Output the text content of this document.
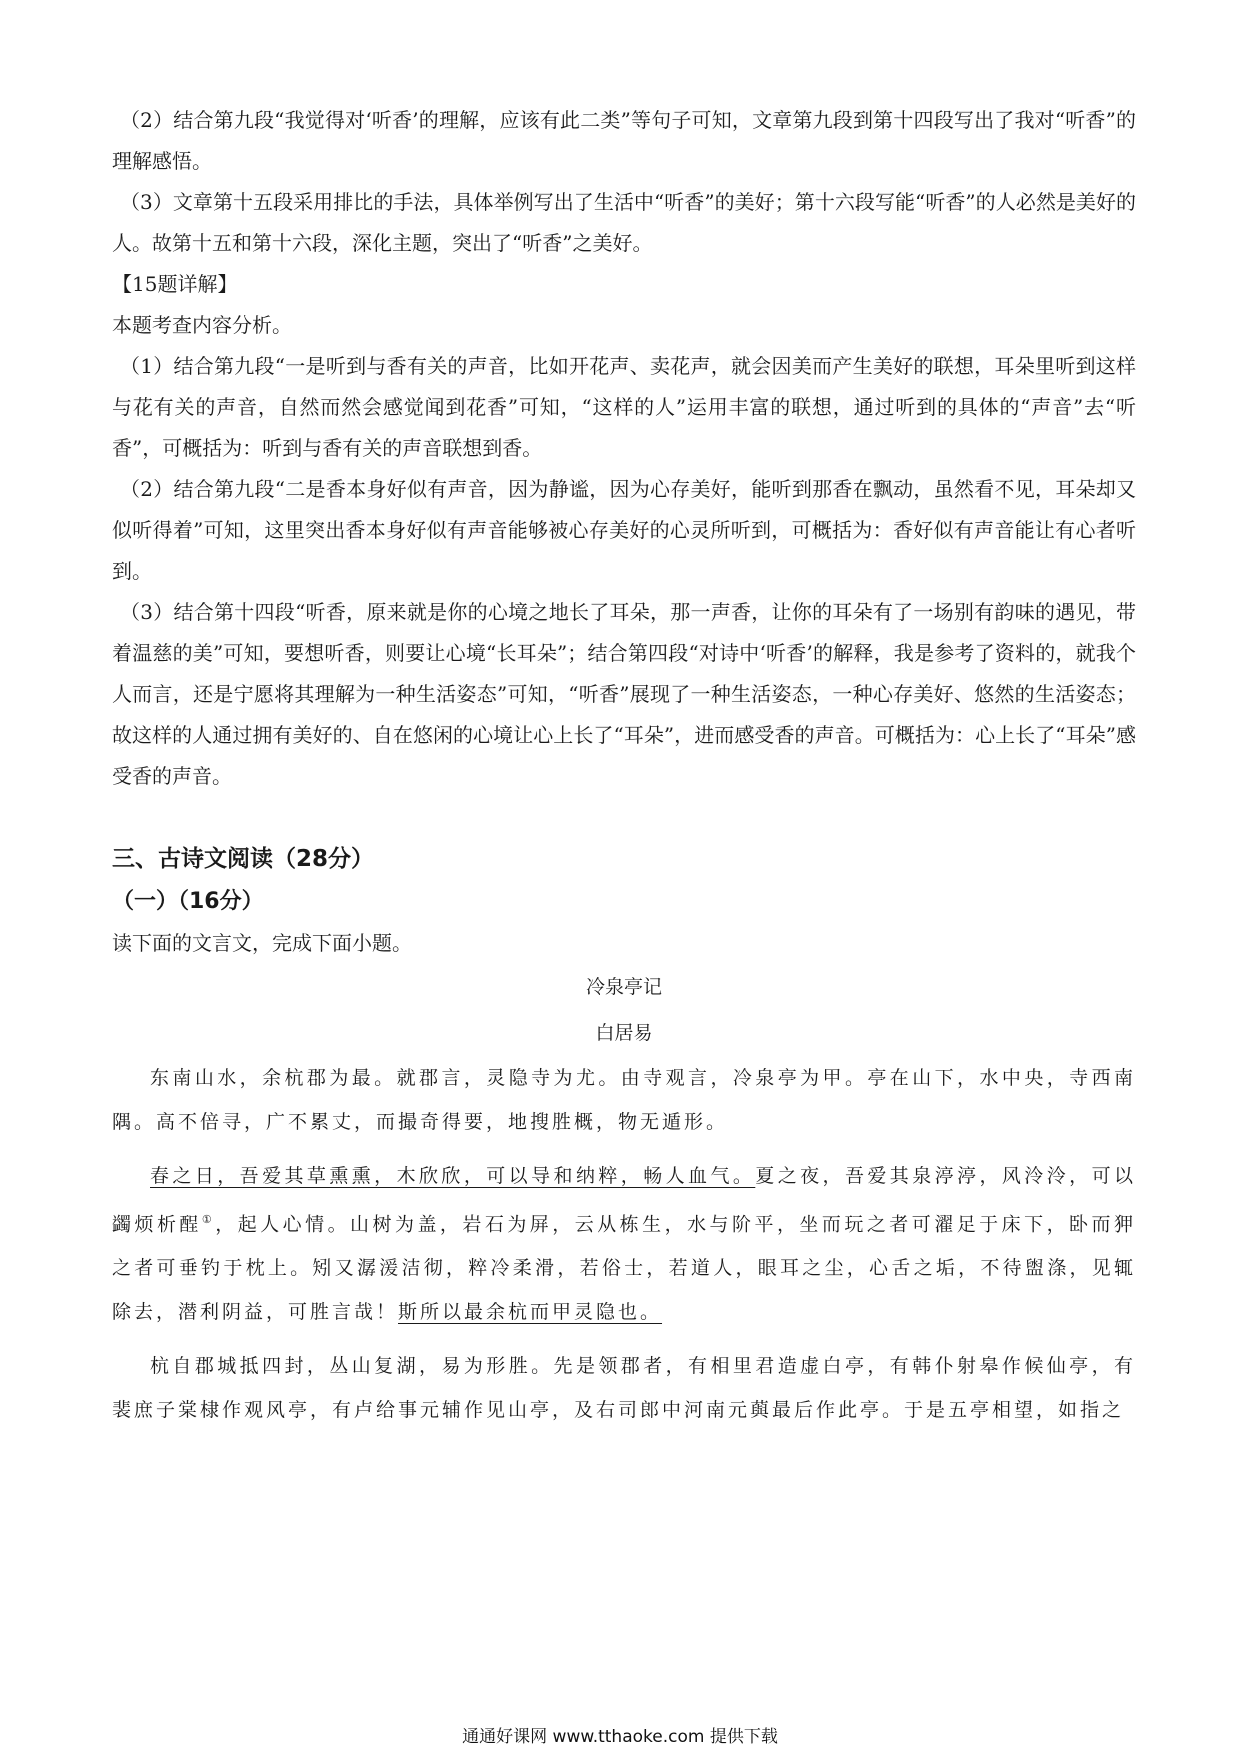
（2）结合第九段“我觉得对‘听香’的理解，应该有此二类”等句子可知，文章第九段到第十四段写出了我对“听香”的理解感悟。

（3）文章第十五段采用排比的手法，具体举例写出了生活中“听香”的美好；第十六段写能“听香”的人必然是美好的人。故第十五和第十六段，深化主题，突出了“听香”之美好。

【15题详解】

本题考查内容分析。

（1）结合第九段“一是听到与香有关的声音，比如开花声、卖花声，就会因美而产生美好的联想，耳朵里听到这样与花有关的声音，自然而然会感觉闻到花香”可知，“这样的人”运用丰富的联想，通过听到的具体的“声音”去“听香”，可概括为：听到与香有关的声音联想到香。

（2）结合第九段“二是香本身好似有声音，因为静谧，因为心存美好，能听到那香在飘动，虽然看不见，耳朵却又似听得着”可知，这里突出香本身好似有声音能够被心存美好的心灵所听到，可概括为：香好似有声音能让有心者听到。

（3）结合第十四段“听香，原来就是你的心境之地长了耳朵，那一声香，让你的耳朵有了一场别有韵味的遇见，带着温慈的美”可知，要想听香，则要让心境“长耳朵”；结合第四段“对诗中‘听香’的解释，我是参考了资料的，就我个人而言，还是宁愿将其理解为一种生活姿态”可知，“听香”展现了一种生活姿态，一种心存美好、悠然的生活姿态；故这样的人通过拥有美好的、自在悠闲的心境让心上长了“耳朵”，进而感受香的声音。可概括为：心上长了“耳朵”感受香的声音。

三、古诗文阅读（28分）
（一）（16分）

读下面的文言文，完成下面小题。

冷泉亭记
白居易

东南山水，余杭郡为最。就郡言，灵隐寺为尤。由寺观言，冷泉亭为甲。亭在山下，水中央，寺西南隅。高不倍寻，广不累丈，而撮奇得要，地搜胜概，物无遁形。

春之日，吾爱其草熏熏，木欣欣，可以导和纳粹，畅人血气。夏之夜，吾爱其泉渟渟，风泠泠，可以蠲烦析酲①，起人心情。山树为盖，岩石为屏，云从栋生，水与阶平，坐而玩之者可濯足于床下，卧而狎之者可垂钓于枕上。矧又潺湲洁彻，粹冷柔滑，若俗士，若道人，眼耳之尘，心舌之垢，不待盥涤，见辄除去，潜利阴益，可胜言哉！斯所以最余杭而甲灵隐也。

杭自郡城抵四封，丛山复湖，易为形胜。先是领郡者，有相里君造虚白亭，有韩仆射皋作候仙亭，有裴庶子棠棣作观风亭，有卢给事元辅作见山亭，及右司郎中河南元藇最后作此亭。于是五亭相望，如指之

通通好课网 www.tthaoke.com 提供下载
